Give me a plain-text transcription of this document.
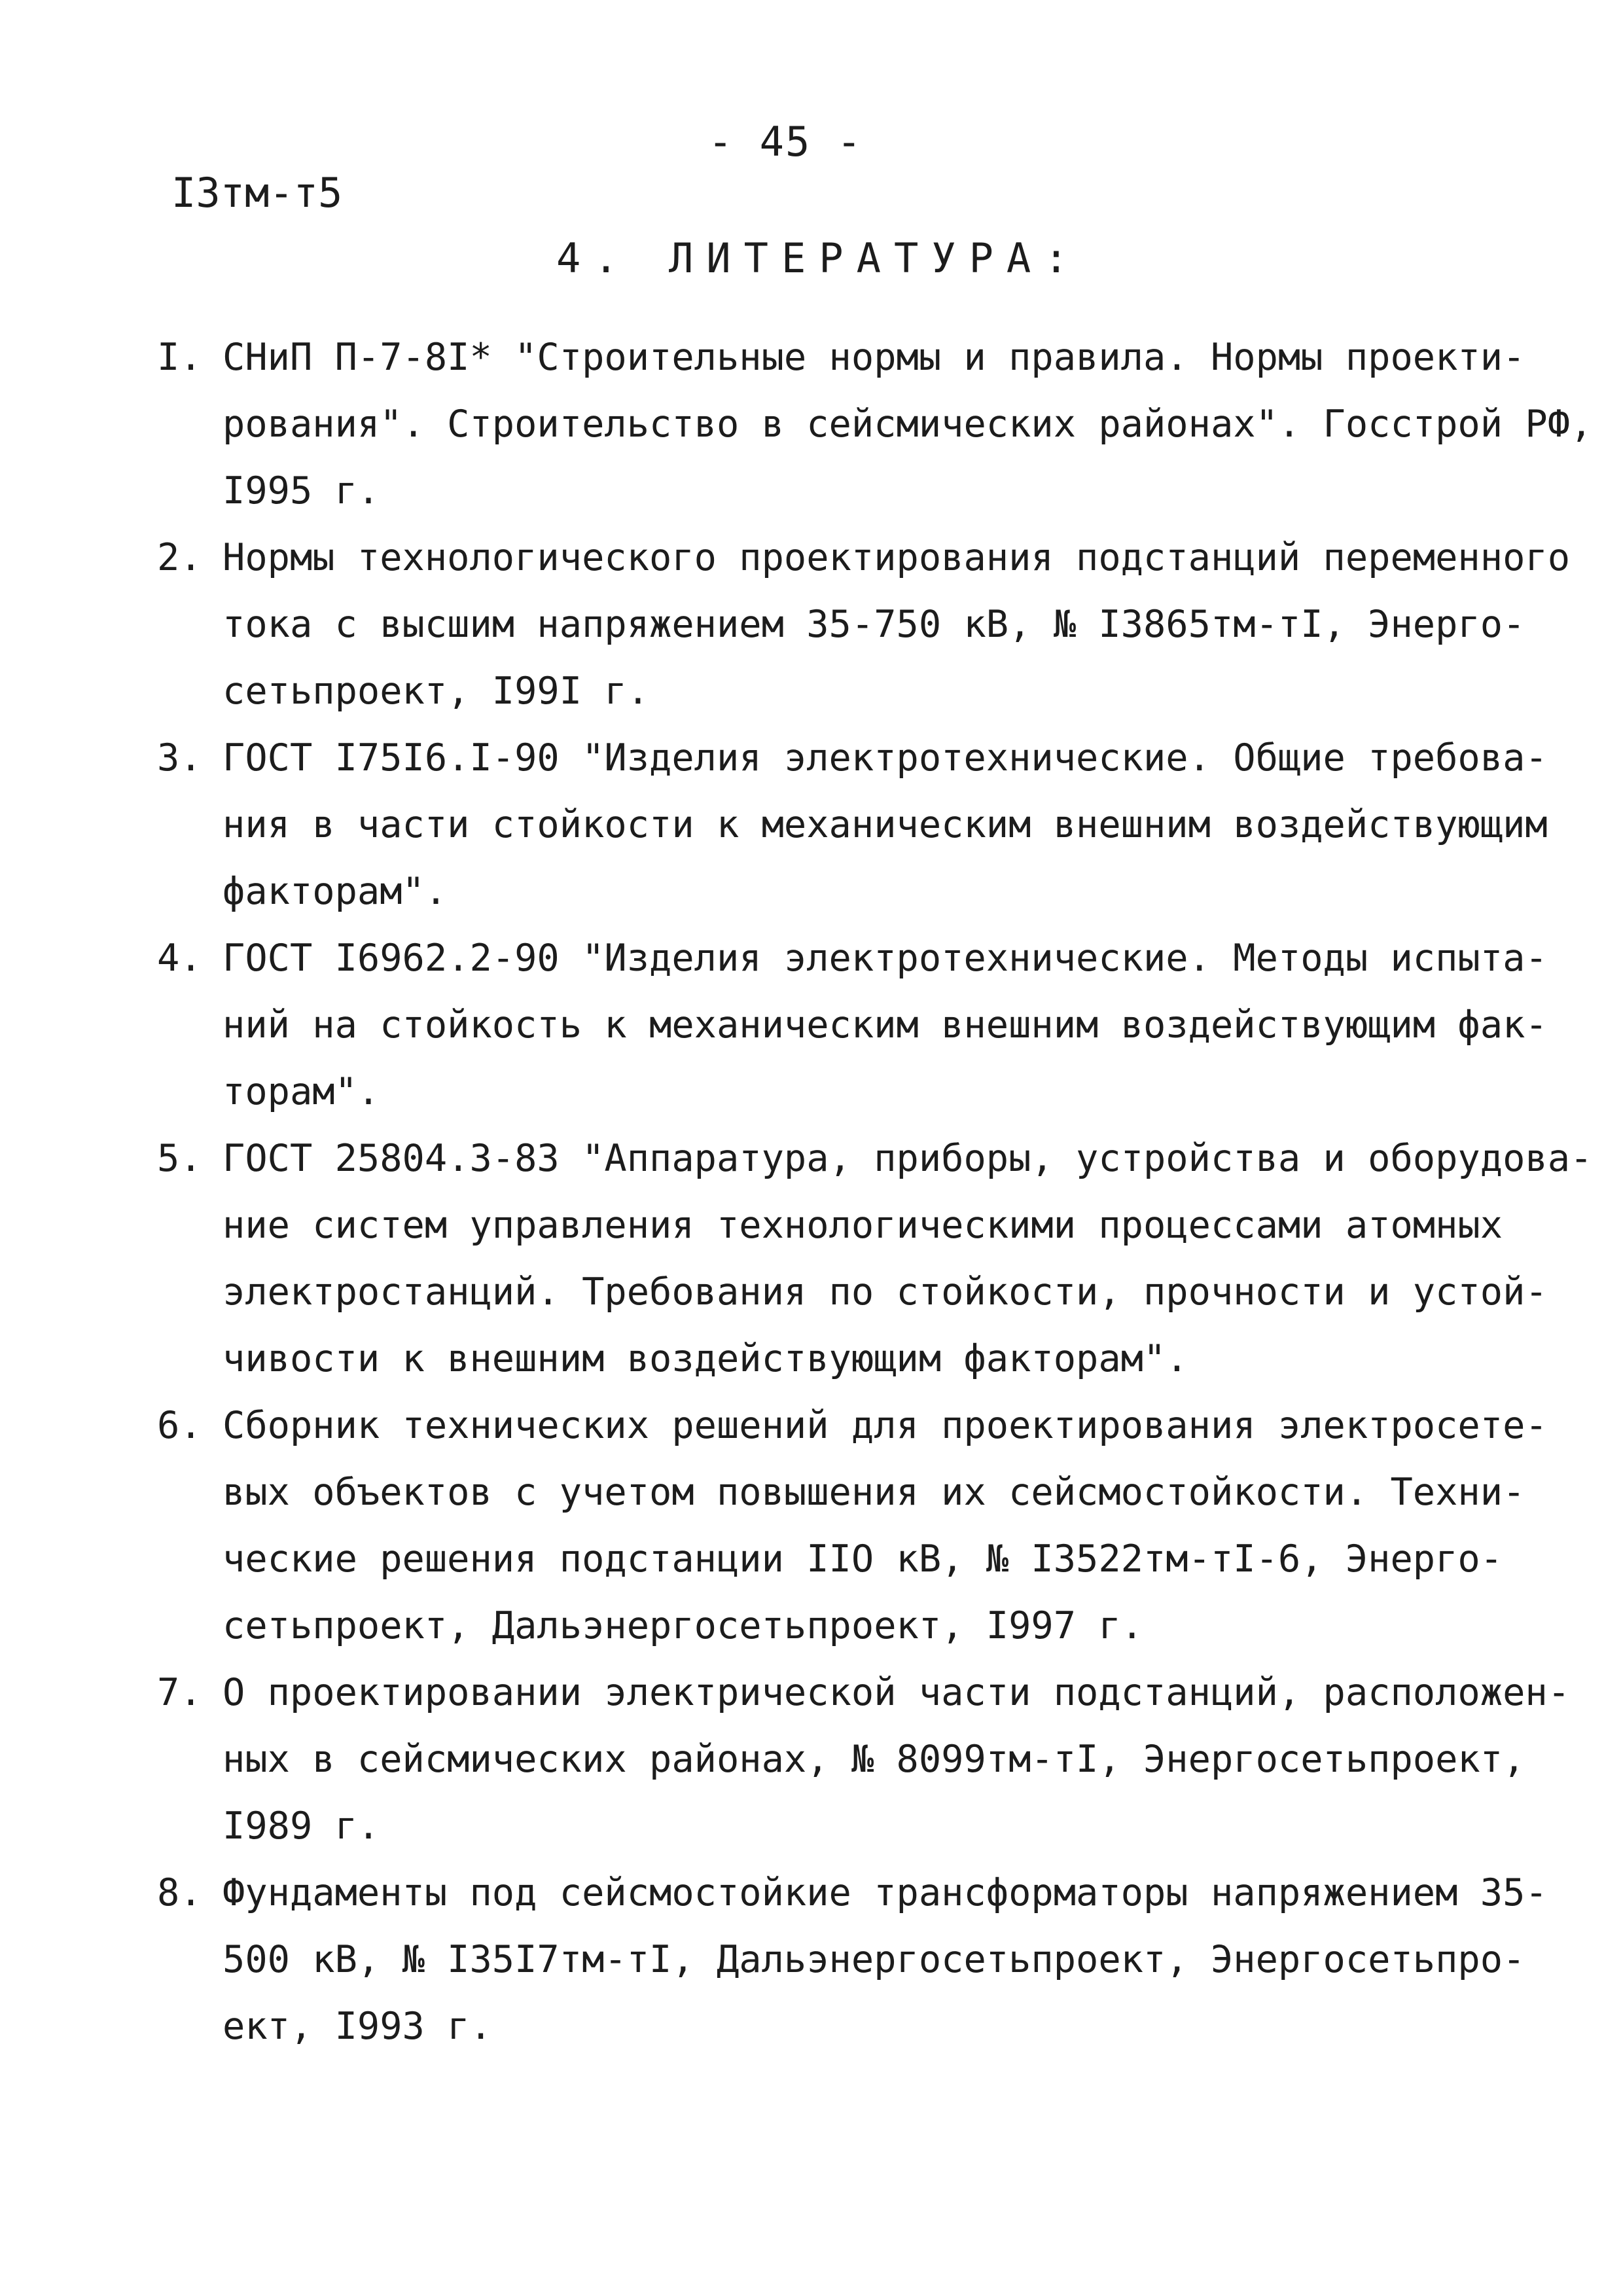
- 45 -
I3тм-т5
4. ЛИТЕРАТУРА:
I. СНиП П-7-8I* "Строительные нормы и правила. Нормы проекти-
рования". Строительство в сейсмических районах". Госстрой РФ,
I995 г.
2. Нормы технологического проектирования подстанций переменного
тока с высшим напряжением 35-750 кВ, № I3865тм-тI, Энерго-
сетьпроект, I99I г.
3. ГОСТ I75I6.I-90 "Изделия электротехнические. Общие требова-
ния в части стойкости к механическим внешним воздействующим
факторам".
4. ГОСТ I6962.2-90 "Изделия электротехнические. Методы испыта-
ний на стойкость к механическим внешним воздействующим фак-
торам".
5. ГОСТ 25804.3-83 "Аппаратура, приборы, устройства и оборудова-
ние систем управления технологическими процессами атомных
электростанций. Требования по стойкости, прочности и устой-
чивости к внешним воздействующим факторам".
6. Сборник технических решений для проектирования электросете-
вых объектов с учетом повышения их сейсмостойкости. Техни-
ческие решения подстанции IIО кВ, № I3522тм-тI-6, Энерго-
сетьпроект, Дальэнергосетьпроект, I997 г.
7. О проектировании электрической части подстанций, расположен-
ных в сейсмических районах, № 8099тм-тI, Энергосетьпроект,
I989 г.
8. Фундаменты под сейсмостойкие трансформаторы напряжением 35-
500 кВ, № I35I7тм-тI, Дальэнергосетьпроект, Энергосетьпро-
ект, I993 г.
